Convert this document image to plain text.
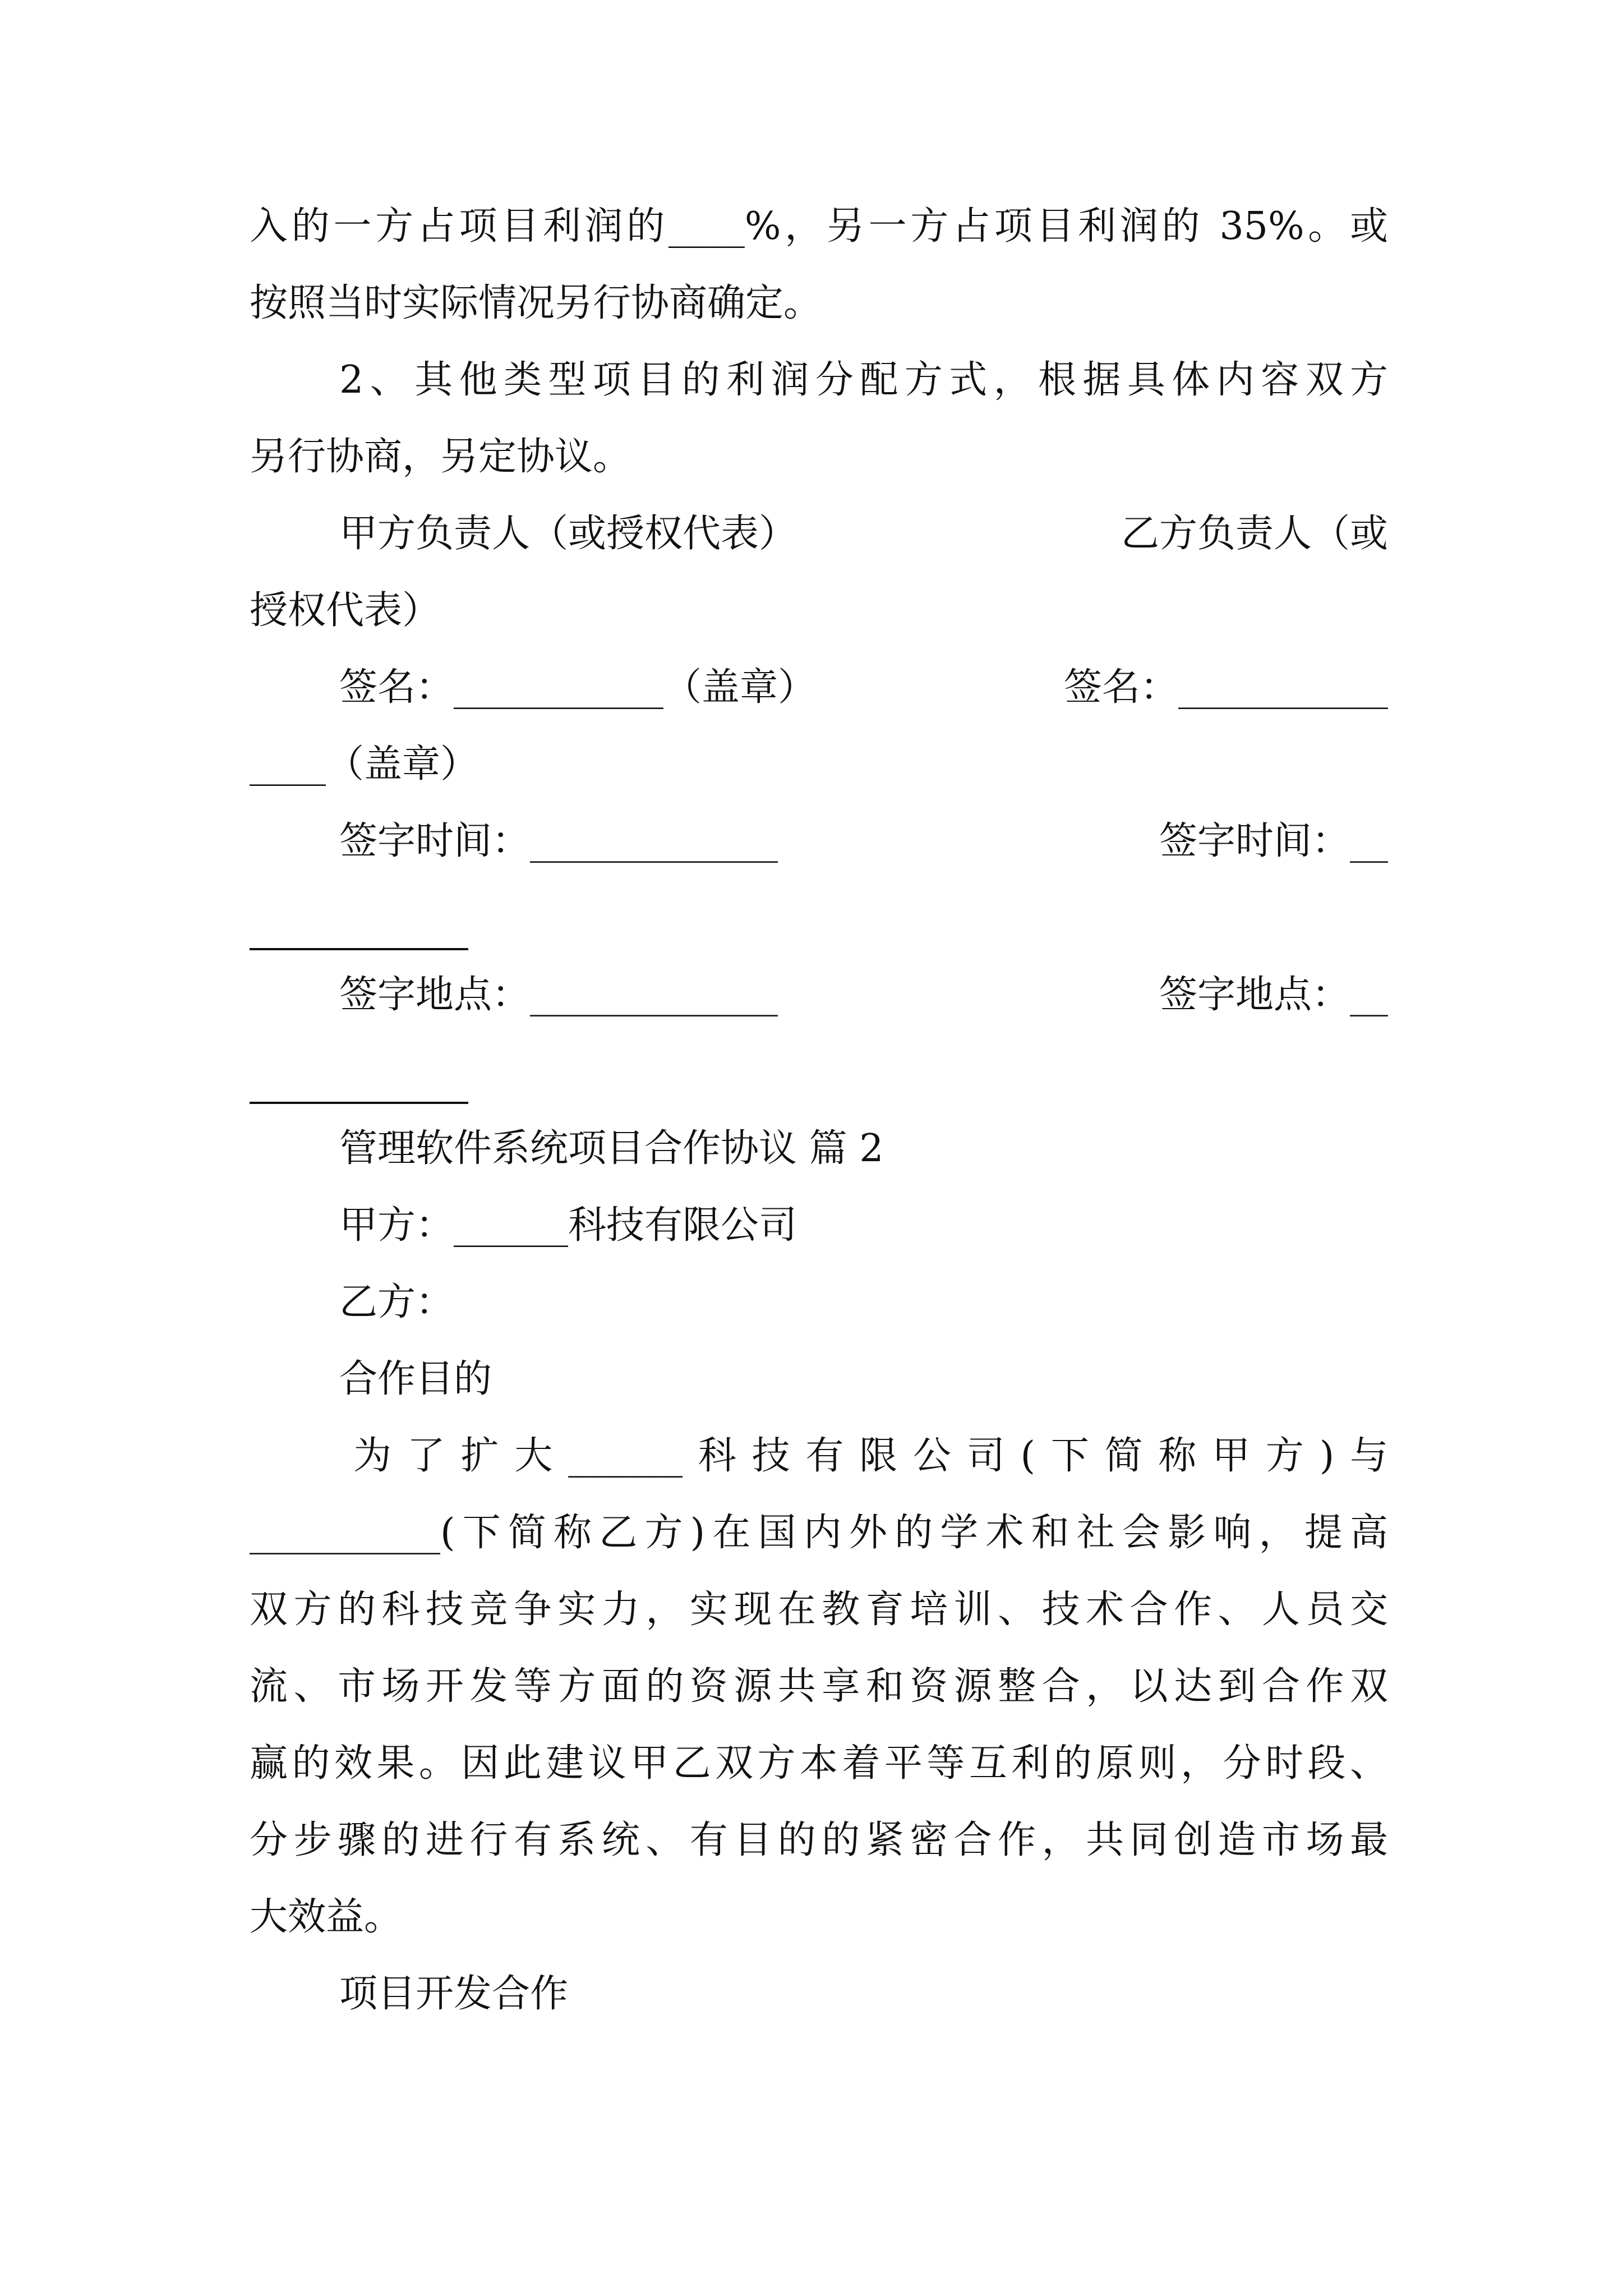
入的一方占项目利润的____%，另一方占项目利润的 35%。或
按照当时实际情况另行协商确定。
2、其他类型项目的利润分配方式，根据具体内容双方
另行协商，另定协议。
甲方负责人（或授权代表）	乙方负责人（或
授权代表）
签名：___________（盖章）	签名：___________
____（盖章）
签字时间：_____________	签字时间：__
签字地点：_____________	签字地点：__
管理软件系统项目合作协议 篇 2
甲方：______科技有限公司
乙方：
合作目的
为了扩大______科技有限公司(下简称甲方)与
__________(下简称乙方)在国内外的学术和社会影响，提高
双方的科技竞争实力，实现在教育培训、技术合作、人员交
流、市场开发等方面的资源共享和资源整合，以达到合作双
赢的效果。因此建议甲乙双方本着平等互利的原则，分时段、
分步骤的进行有系统、有目的的紧密合作，共同创造市场最
大效益。
项目开发合作
